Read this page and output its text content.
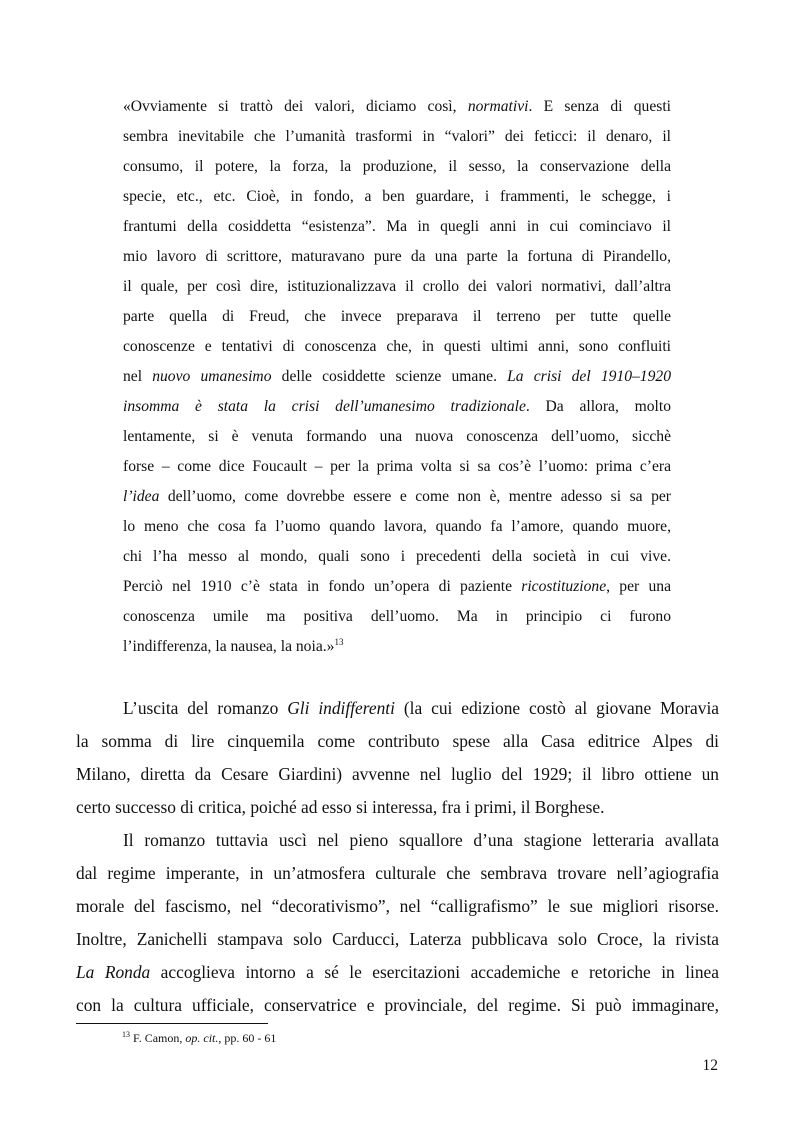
«Ovviamente si trattò dei valori, diciamo così, normativi. E senza di questi
sembra inevitabile che l’umanità trasformi in “valori” dei feticci: il denaro, il
consumo, il potere, la forza, la produzione, il sesso, la conservazione della
specie, etc., etc. Cioè, in fondo, a ben guardare, i frammenti, le schegge, i
frantumi della cosiddetta “esistenza”. Ma in quegli anni in cui cominciavo il
mio lavoro di scrittore, maturavano pure da una parte la fortuna di Pirandello,
il quale, per così dire, istituzionalizzava il crollo dei valori normativi, dall’altra
parte quella di Freud, che invece preparava il terreno per tutte quelle
conoscenze e tentativi di conoscenza che, in questi ultimi anni, sono confluiti
nel nuovo umanesimo delle cosiddette scienze umane. La crisi del 1910–1920
insomma è stata la crisi dell’umanesimo tradizionale. Da allora, molto
lentamente, si è venuta formando una nuova conoscenza dell’uomo, sicchè
forse – come dice Foucault – per la prima volta si sa cos’è l’uomo: prima c’era
l’idea dell’uomo, come dovrebbe essere e come non è, mentre adesso si sa per
lo meno che cosa fa l’uomo quando lavora, quando fa l’amore, quando muore,
chi l’ha messo al mondo, quali sono i precedenti della società in cui vive.
Perciò nel 1910 c’è stata in fondo un’opera di paziente ricostituzione, per una
conoscenza umile ma positiva dell’uomo. Ma in principio ci furono
l’indifferenza, la nausea, la noia.»$^{13}$
L’uscita del romanzo Gli indifferenti (la cui edizione costò al giovane Moravia
la somma di lire cinquemila come contributo spese alla Casa editrice Alpes di
Milano, diretta da Cesare Giardini) avvenne nel luglio del 1929; il libro ottiene un
certo successo di critica, poiché ad esso si interessa, fra i primi, il Borghese.
Il romanzo tuttavia uscì nel pieno squallore d’una stagione letteraria avallata
dal regime imperante, in un’atmosfera culturale che sembrava trovare nell’agiografia
morale del fascismo, nel “decorativismo”, nel “calligrafismo” le sue migliori risorse.
Inoltre, Zanichelli stampava solo Carducci, Laterza pubblicava solo Croce, la rivista
La Ronda accoglieva intorno a sé le esercitazioni accademiche e retoriche in linea
con la cultura ufficiale, conservatrice e provinciale, del regime. Si può immaginare,
$^{13}$ F. Camon, op. cit., pp. 60 - 61
12
